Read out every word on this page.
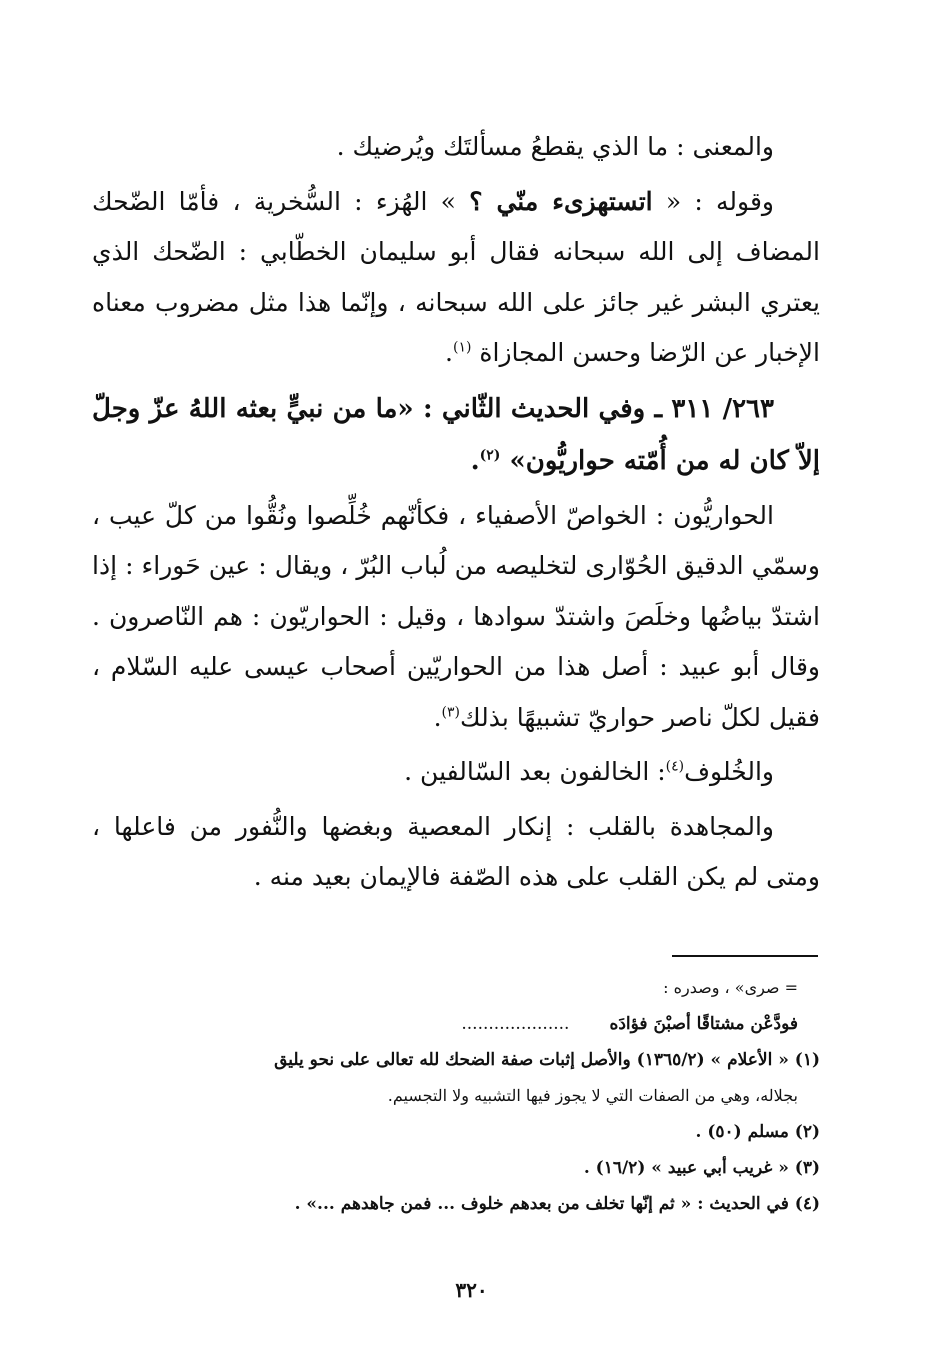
والمعنى : ما الذي يقطعُ مسألتَك ويُرضيك .

وقوله : « اتستهزىء منّي ؟ » الهُزء : السُّخرية ، فأمّا الضّحك المضاف إلى الله سبحانه فقال أبو سليمان الخطّابي : الضّحك الذي يعتري البشر غير جائز على الله سبحانه ، وإنّما هذا مثل مضروب معناه الإخبار عن الرّضا وحسن المجازاة $^{(١)}$.

٢٦٣/ ٣١١ ـ وفي الحديث الثّاني : «ما من نبيٍّ بعثه اللهُ عزّ وجلّ إلاّ كان له من أُمّته حواريُّون» $^{(٢)}$.

الحواريُّون : الخواصّ الأصفياء ، فكأنّهم خُلِّصوا ونُقُّوا من كلّ عيب ، وسمّي الدقيق الحُوّارى لتخليصه من لُباب البُرّ ، ويقال : عين حَوراء : إذا اشتدّ بياضُها وخلَصَ واشتدّ سوادها ، وقيل : الحواريّون : هم النّاصرون . وقال أبو عبيد : أصل هذا من الحواريّين أصحاب عيسى عليه السّلام ، فقيل لكلّ ناصر حواريّ تشبيهًا بذلك$^{(٣)}$.

والخُلوف$^{(٤)}$: الخالفون بعد السّالفين .

والمجاهدة بالقلب : إنكار المعصية وبغضها والنُّفور من فاعلها ، ومتى لم يكن القلب على هذه الصّفة فالإيمان بعيد منه .

= صرى» ، وصدره :
فودَّعْن مشتاقًا أصبْنَ فؤادَه....................
(١) « الأعلام » (١٣٦٥/٢) والأصل إثبات صفة الضحك لله تعالى على نحو يليق
بجلاله، وهي من الصفات التي لا يجوز فيها التشبيه ولا التجسيم.
(٢) مسلم (٥٠) .
(٣) « غريب أبي عبيد » (١٦/٢) .
(٤) في الحديث : « ثم إنّها تخلف من بعدهم خلوف ... فمن جاهدهم ...» .
٣٢٠
